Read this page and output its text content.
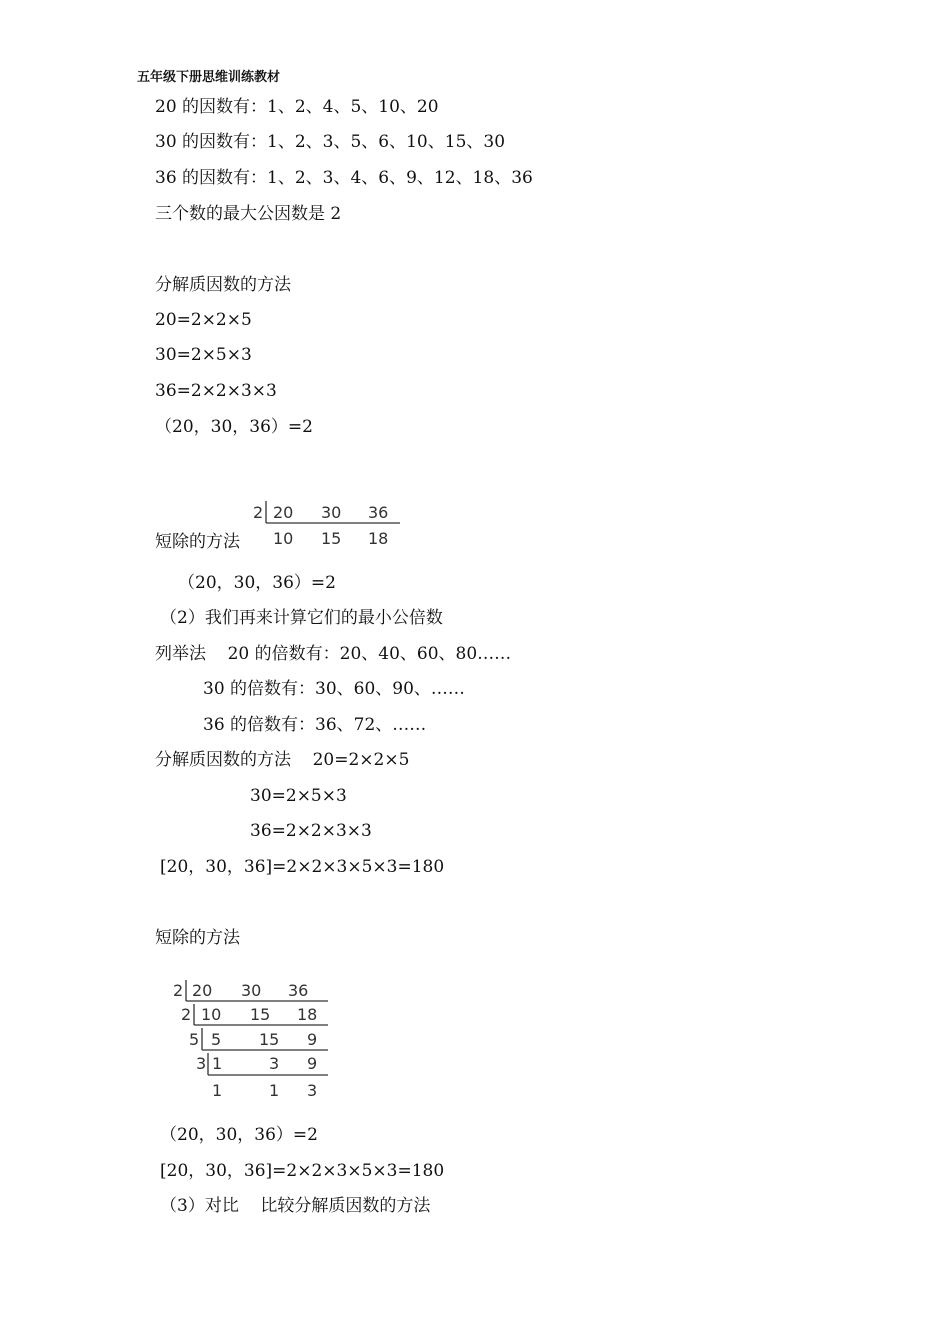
五年级下册思维训练教材
20 的因数有：1、2、4、5、10、20
30 的因数有：1、2、3、5、6、10、15、30
36 的因数有：1、2、3、4、6、9、12、18、36
三个数的最大公因数是 2
分解质因数的方法
20=2×2×5
30=2×5×3
36=2×2×3×3
（20，30，36）=2
短除的方法
2 20 30 36
10 15 18
（20，30，36）=2
（2）我们再来计算它们的最小公倍数
列举法    20 的倍数有：20、40、60、80……
30 的倍数有：30、60、90、……
36 的倍数有：36、72、……
分解质因数的方法    20=2×2×5
30=2×5×3
36=2×2×3×3
[20，30，36]=2×2×3×5×3=180
短除的方法
2
2
5
3
20 30 36
10 15 18
5 15 9
1	3 9
1	1 3
（20，30，36）=2
[20，30，36]=2×2×3×5×3=180
（3）对比    比较分解质因数的方法
